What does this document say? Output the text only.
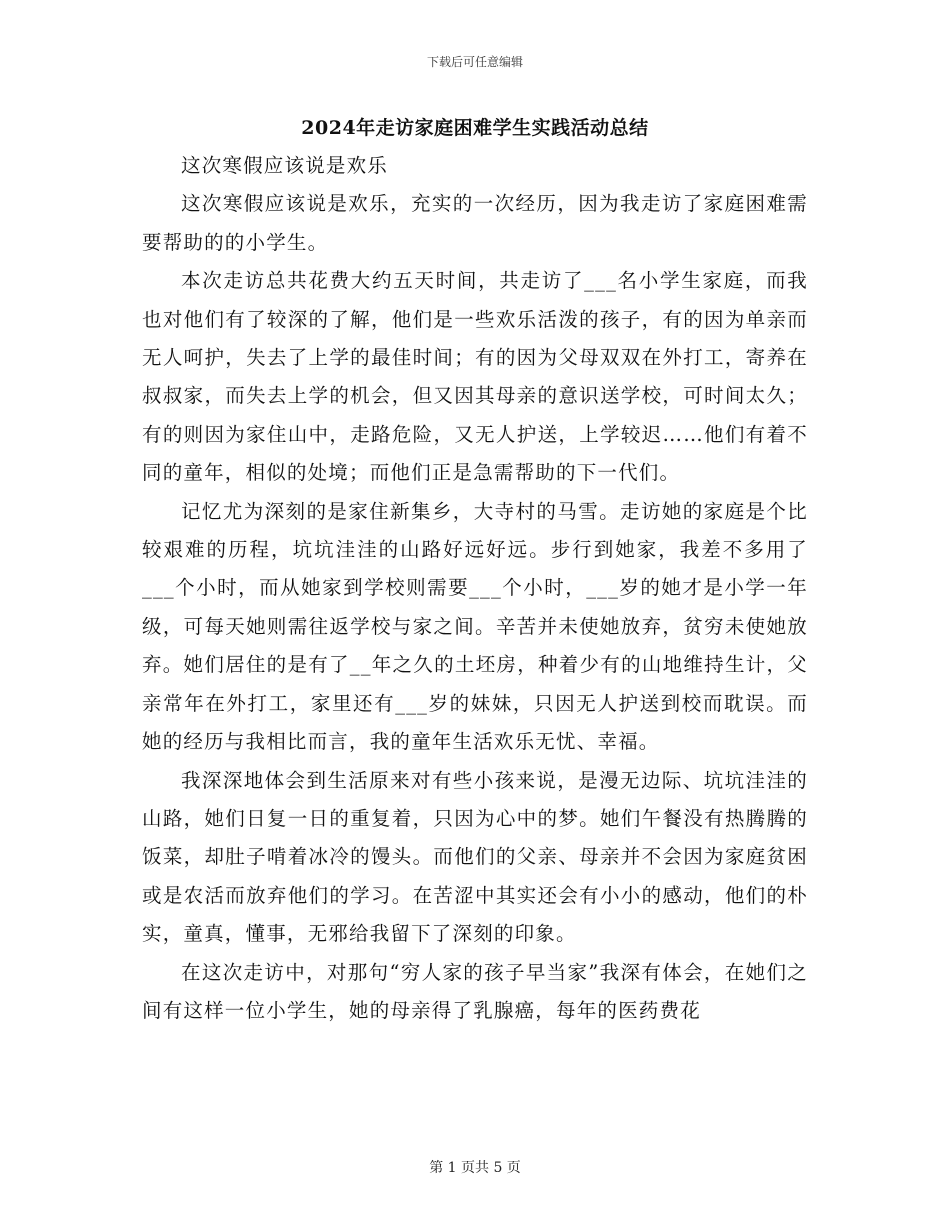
下载后可任意编辑
2024年走访家庭困难学生实践活动总结

这次寒假应该说是欢乐

这次寒假应该说是欢乐，充实的一次经历，因为我走访了家庭困难需要帮助的的小学生。

本次走访总共花费大约五天时间，共走访了___名小学生家庭，而我也对他们有了较深的了解，他们是一些欢乐活泼的孩子，有的因为单亲而无人呵护，失去了上学的最佳时间；有的因为父母双双在外打工，寄养在叔叔家，而失去上学的机会，但又因其母亲的意识送学校，可时间太久；有的则因为家住山中，走路危险，又无人护送，上学较迟……他们有着不同的童年，相似的处境；而他们正是急需帮助的下一代们。

记忆尤为深刻的是家住新集乡，大寺村的马雪。走访她的家庭是个比较艰难的历程，坑坑洼洼的山路好远好远。步行到她家，我差不多用了___个小时，而从她家到学校则需要___个小时，___岁的她才是小学一年级，可每天她则需往返学校与家之间。辛苦并未使她放弃，贫穷未使她放弃。她们居住的是有了__年之久的土坯房，种着少有的山地维持生计，父亲常年在外打工，家里还有___岁的妹妹，只因无人护送到校而耽误。而她的经历与我相比而言，我的童年生活欢乐无忧、幸福。

我深深地体会到生活原来对有些小孩来说，是漫无边际、坑坑洼洼的山路，她们日复一日的重复着，只因为心中的梦。她们午餐没有热腾腾的饭菜，却肚子啃着冰冷的馒头。而他们的父亲、母亲并不会因为家庭贫困或是农活而放弃他们的学习。在苦涩中其实还会有小小的感动，他们的朴实，童真，懂事，无邪给我留下了深刻的印象。

在这次走访中，对那句“穷人家的孩子早当家”我深有体会，在她们之间有这样一位小学生，她的母亲得了乳腺癌，每年的医药费花

第 1 页共 5 页
